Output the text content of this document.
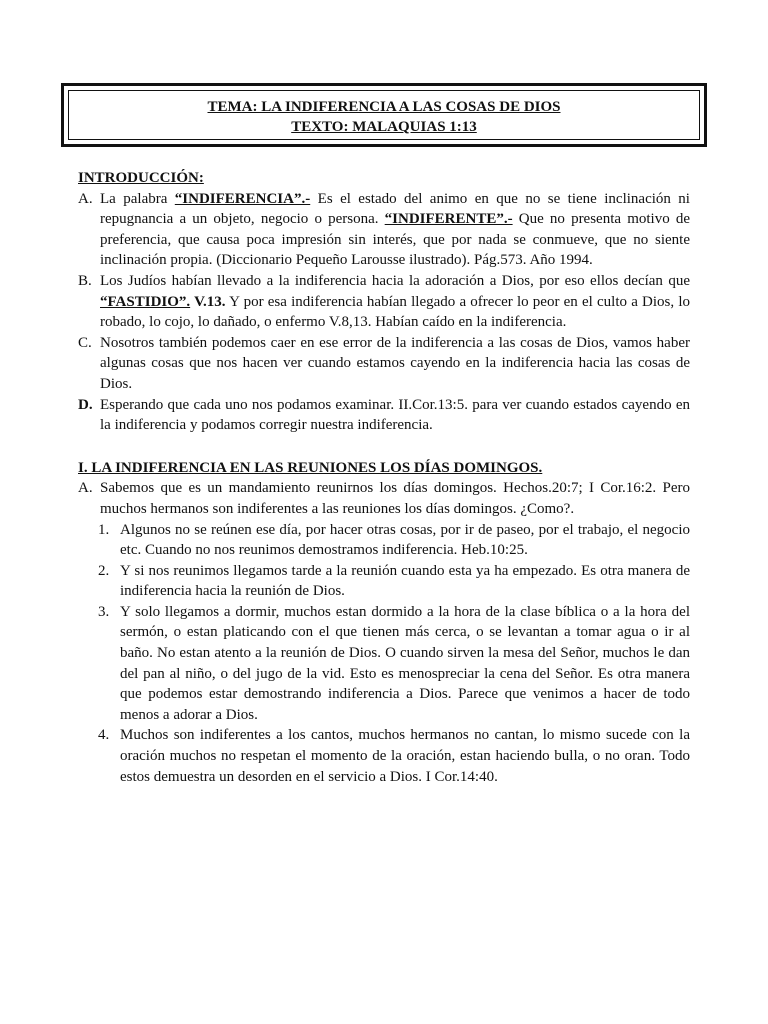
TEMA: LA INDIFERENCIA A LAS COSAS DE DIOS
TEXTO: MALAQUIAS 1:13
INTRODUCCIÓN:
A. La palabra “INDIFERENCIA”.- Es el estado del animo en que no se tiene inclinación ni repugnancia a un objeto, negocio o persona. “INDIFERENTE”.- Que no presenta motivo de preferencia, que causa poca impresión sin interés, que por nada se conmueve, que no siente inclinación propia. (Diccionario Pequeño Larousse ilustrado). Pág.573. Año 1994.
B. Los Judíos habían llevado a la indiferencia hacia la adoración a Dios, por eso ellos decían que “FASTIDIO”. V.13. Y por esa indiferencia habían llegado a ofrecer lo peor en el culto a Dios, lo robado, lo cojo, lo dañado, o enfermo V.8,13. Habían caído en la indiferencia.
C. Nosotros también podemos caer en ese error de la indiferencia a las cosas de Dios, vamos haber algunas cosas que nos hacen ver cuando estamos cayendo en la indiferencia hacia las cosas de Dios.
D. Esperando que cada uno nos podamos examinar. II.Cor.13:5. para ver cuando estados cayendo en la indiferencia y podamos corregir nuestra indiferencia.
I. LA INDIFERENCIA EN LAS REUNIONES LOS DÍAS DOMINGOS.
A. Sabemos que es un mandamiento reunirnos los días domingos. Hechos.20:7; I Cor.16:2. Pero muchos hermanos son indiferentes a las reuniones los días domingos. ¿Como?.
1. Algunos no se reúnen ese día, por hacer otras cosas, por ir de paseo, por el trabajo, el negocio etc. Cuando no nos reunimos demostramos indiferencia. Heb.10:25.
2. Y si nos reunimos llegamos tarde a la reunión cuando esta ya ha empezado. Es otra manera de indiferencia hacia la reunión de Dios.
3. Y solo llegamos a dormir, muchos estan dormido a la hora de la clase bíblica o a la hora del sermón, o estan platicando con el que tienen más cerca, o se levantan a tomar agua o ir al baño. No estan atento a la reunión de Dios. O cuando sirven la mesa del Señor, muchos le dan del pan al niño, o del jugo de la vid. Esto es menospreciar la cena del Señor. Es otra manera que podemos estar demostrando indiferencia a Dios. Parece que venimos a hacer de todo menos a adorar a Dios.
4. Muchos son indiferentes a los cantos, muchos hermanos no cantan, lo mismo sucede con la oración muchos no respetan el momento de la oración, estan haciendo bulla, o no oran. Todo estos demuestra un desorden en el servicio a Dios. I Cor.14:40.
